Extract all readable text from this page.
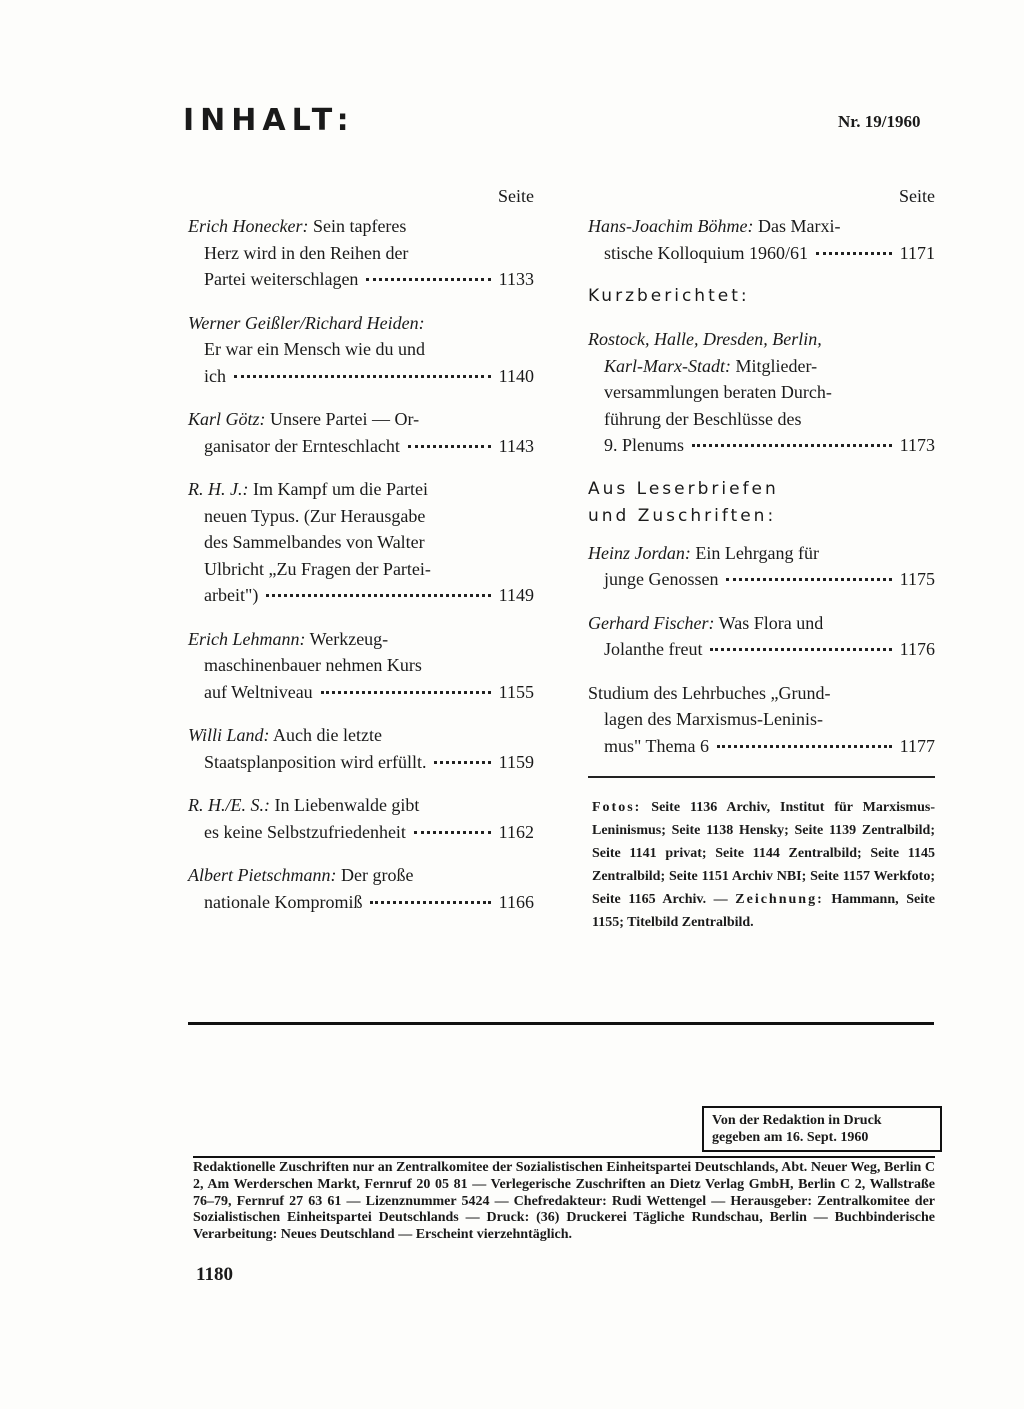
INHALT:	Nr. 19/1960
Seite
Erich Honecker: Sein tapferes
Herz wird in den Reihen der
Partei weiterschlagen	1133
Werner Geißler/Richard Heiden:
Er war ein Mensch wie du und
ich	1140
Karl Götz: Unsere Partei — Or-
ganisator der Ernteschlacht	1143
R. H. J.: Im Kampf um die Partei
neuen Typus. (Zur Herausgabe
des Sammelbandes von Walter
Ulbricht „Zu Fragen der Partei-
arbeit")	1149
Erich Lehmann: Werkzeug-
maschinenbauer nehmen Kurs
auf Weltniveau	1155
Willi Land: Auch die letzte
Staatsplanposition wird erfüllt.	1159
R. H./E. S.: In Liebenwalde gibt
es keine Selbstzufriedenheit	1162
Albert Pietschmann: Der große
nationale Kompromiß	1166
Seite
Hans-Joachim Böhme: Das Marxi-
stische Kolloquium 1960/61	1171
Kurzberichtet:
Rostock, Halle, Dresden, Berlin,
Karl-Marx-Stadt: Mitglieder-
versammlungen beraten Durch-
führung der Beschlüsse des
9. Plenums	1173
Aus Leserbriefen
und Zuschriften:
Heinz Jordan: Ein Lehrgang für
junge Genossen	1175
Gerhard Fischer: Was Flora und
Jolanthe freut	1176
Studium des Lehrbuches „Grund-
lagen des Marxismus-Leninis-
mus" Thema 6	1177
Fotos: Seite 1136 Archiv, Institut für Marxismus-Leninismus; Seite 1138 Hensky; Seite 1139 Zentralbild; Seite 1141 privat; Seite 1144 Zentralbild; Seite 1145 Zentralbild; Seite 1151 Archiv NBI; Seite 1157 Werkfoto; Seite 1165 Archiv. — Zeichnung: Hammann, Seite 1155; Titelbild Zentralbild.
Von der Redaktion in Druck
gegeben am 16. Sept. 1960
Redaktionelle Zuschriften nur an Zentralkomitee der Sozialistischen Einheitspartei Deutschlands, Abt. Neuer Weg, Berlin C 2, Am Werderschen Markt, Fernruf 20 05 81 — Verlegerische Zuschriften an Dietz Verlag GmbH, Berlin C 2, Wallstraße 76–79, Fernruf 27 63 61 — Lizenznummer 5424 — Chefredakteur: Rudi Wettengel — Herausgeber: Zentralkomitee der Sozialistischen Einheitspartei Deutschlands — Druck: (36) Druckerei Tägliche Rundschau, Berlin — Buchbinderische Verarbeitung: Neues Deutschland — Erscheint vierzehntäglich.
1180
